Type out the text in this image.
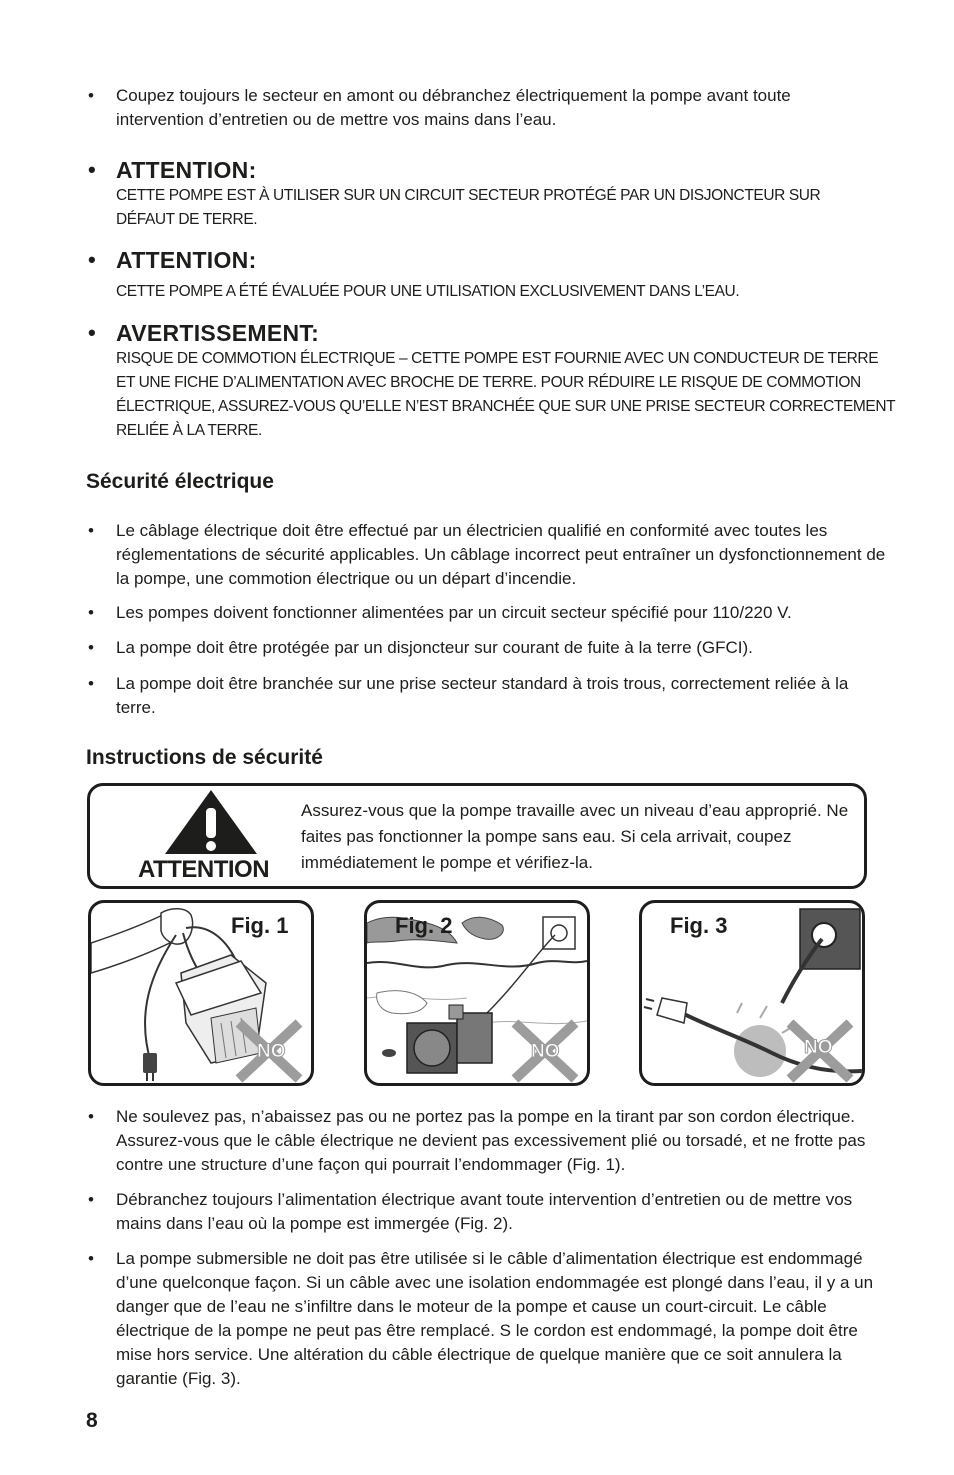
•	Coupez toujours le secteur en amont ou débranchez électriquement la pompe avant toute intervention d’entretien ou de mettre vos mains dans l’eau.
• ATTENTION:
CETTE POMPE EST À UTILISER SUR UN CIRCUIT SECTEUR PROTÉGÉ PAR UN DISJONCTEUR SUR DÉFAUT DE TERRE.
• ATTENTION:
CETTE POMPE A ÉTÉ ÉVALUÉE POUR UNE UTILISATION EXCLUSIVEMENT DANS L’EAU.
• AVERTISSEMENT:
RISQUE DE COMMOTION ÉLECTRIQUE – CETTE POMPE EST FOURNIE AVEC UN CONDUCTEUR DE TERRE ET UNE FICHE D’ALIMENTATION AVEC BROCHE DE TERRE. POUR RÉDUIRE LE RISQUE DE COMMOTION ÉLECTRIQUE, ASSUREZ-VOUS QU’ELLE N’EST BRANCHÉE QUE SUR UNE PRISE SECTEUR CORRECTEMENT RELIÉE À LA TERRE.
Sécurité électrique
•	Le câblage électrique doit être effectué par un électricien qualifié en conformité avec toutes les réglementations de sécurité applicables. Un câblage incorrect peut entraîner un dysfonctionnement de la pompe, une commotion électrique ou un départ d’incendie.
•	Les pompes doivent fonctionner alimentées par un circuit secteur spécifié pour 110/220 V.
•	La pompe doit être protégée par un disjoncteur sur courant de fuite à la terre (GFCI).
•	La pompe doit être branchée sur une prise secteur standard à trois trous, correctement reliée à la terre.
Instructions de sécurité
ATTENTION
Assurez-vous que la pompe travaille avec un niveau d’eau approprié. Ne faites pas fonctionner la pompe sans eau. Si cela arrivait, coupez immédiatement le pompe et vérifiez-la.
Fig. 1
NO
Fig. 2
NO
Fig. 3
NO
•	Ne soulevez pas, n’abaissez pas ou ne portez pas la pompe en la tirant par son cordon électrique. Assurez-vous que le câble électrique ne devient pas excessivement plié ou torsadé, et ne frotte pas contre une structure d’une façon qui pourrait l’endommager (Fig. 1).
•	Débranchez toujours l’alimentation électrique avant toute intervention d’entretien ou de mettre vos mains dans l’eau où la pompe est immergée (Fig. 2).
•	La pompe submersible ne doit pas être utilisée si le câble d’alimentation électrique est endommagé d’une quelconque façon. Si un câble avec une isolation endommagée est plongé dans l’eau, il y a un danger que de l’eau ne s’infiltre dans le moteur de la pompe et cause un court-circuit. Le câble électrique de la pompe ne peut pas être remplacé. S le cordon est endommagé, la pompe doit être mise hors service. Une altération du câble électrique de quelque manière que ce soit annulera la garantie (Fig. 3).
8
